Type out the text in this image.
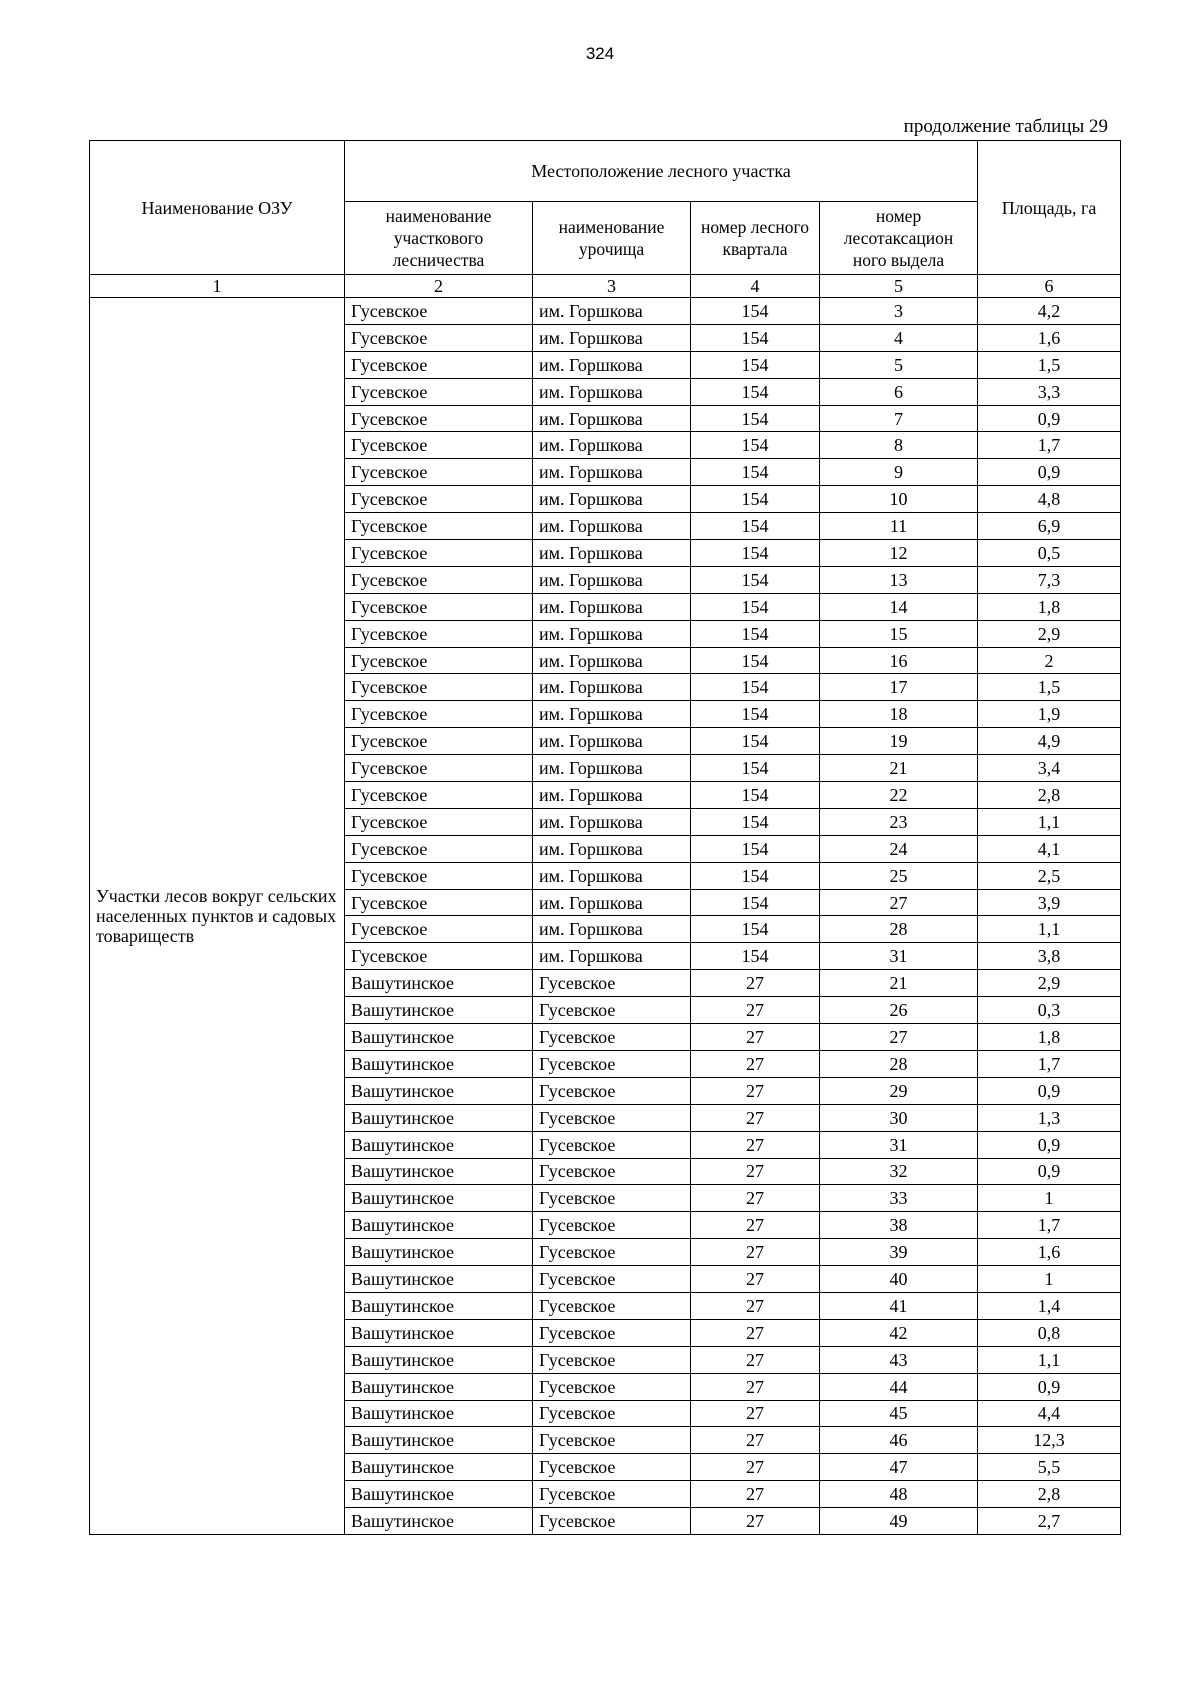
324
продолжение таблицы 29
Наименование ОЗУ	Местоположение лесного участка				Площадь, га
	наименование участкового лесничества	наименование урочища	номер лесного квартала	номер лесотаксацион ного выдела	
1	2	3	4	5	6
Участки лесов вокруг сельских населенных пунктов и садовых товариществ	Гусевское	им. Горшкова	154	3	4,2
	Гусевское	им. Горшкова	154	4	1,6
	Гусевское	им. Горшкова	154	5	1,5
	Гусевское	им. Горшкова	154	6	3,3
	Гусевское	им. Горшкова	154	7	0,9
	Гусевское	им. Горшкова	154	8	1,7
	Гусевское	им. Горшкова	154	9	0,9
	Гусевское	им. Горшкова	154	10	4,8
	Гусевское	им. Горшкова	154	11	6,9
	Гусевское	им. Горшкова	154	12	0,5
	Гусевское	им. Горшкова	154	13	7,3
	Гусевское	им. Горшкова	154	14	1,8
	Гусевское	им. Горшкова	154	15	2,9
	Гусевское	им. Горшкова	154	16	2
	Гусевское	им. Горшкова	154	17	1,5
	Гусевское	им. Горшкова	154	18	1,9
	Гусевское	им. Горшкова	154	19	4,9
	Гусевское	им. Горшкова	154	21	3,4
	Гусевское	им. Горшкова	154	22	2,8
	Гусевское	им. Горшкова	154	23	1,1
	Гусевское	им. Горшкова	154	24	4,1
	Гусевское	им. Горшкова	154	25	2,5
	Гусевское	им. Горшкова	154	27	3,9
	Гусевское	им. Горшкова	154	28	1,1
	Гусевское	им. Горшкова	154	31	3,8
	Вашутинское	Гусевское	27	21	2,9
	Вашутинское	Гусевское	27	26	0,3
	Вашутинское	Гусевское	27	27	1,8
	Вашутинское	Гусевское	27	28	1,7
	Вашутинское	Гусевское	27	29	0,9
	Вашутинское	Гусевское	27	30	1,3
	Вашутинское	Гусевское	27	31	0,9
	Вашутинское	Гусевское	27	32	0,9
	Вашутинское	Гусевское	27	33	1
	Вашутинское	Гусевское	27	38	1,7
	Вашутинское	Гусевское	27	39	1,6
	Вашутинское	Гусевское	27	40	1
	Вашутинское	Гусевское	27	41	1,4
	Вашутинское	Гусевское	27	42	0,8
	Вашутинское	Гусевское	27	43	1,1
	Вашутинское	Гусевское	27	44	0,9
	Вашутинское	Гусевское	27	45	4,4
	Вашутинское	Гусевское	27	46	12,3
	Вашутинское	Гусевское	27	47	5,5
	Вашутинское	Гусевское	27	48	2,8
	Вашутинское	Гусевское	27	49	2,7
